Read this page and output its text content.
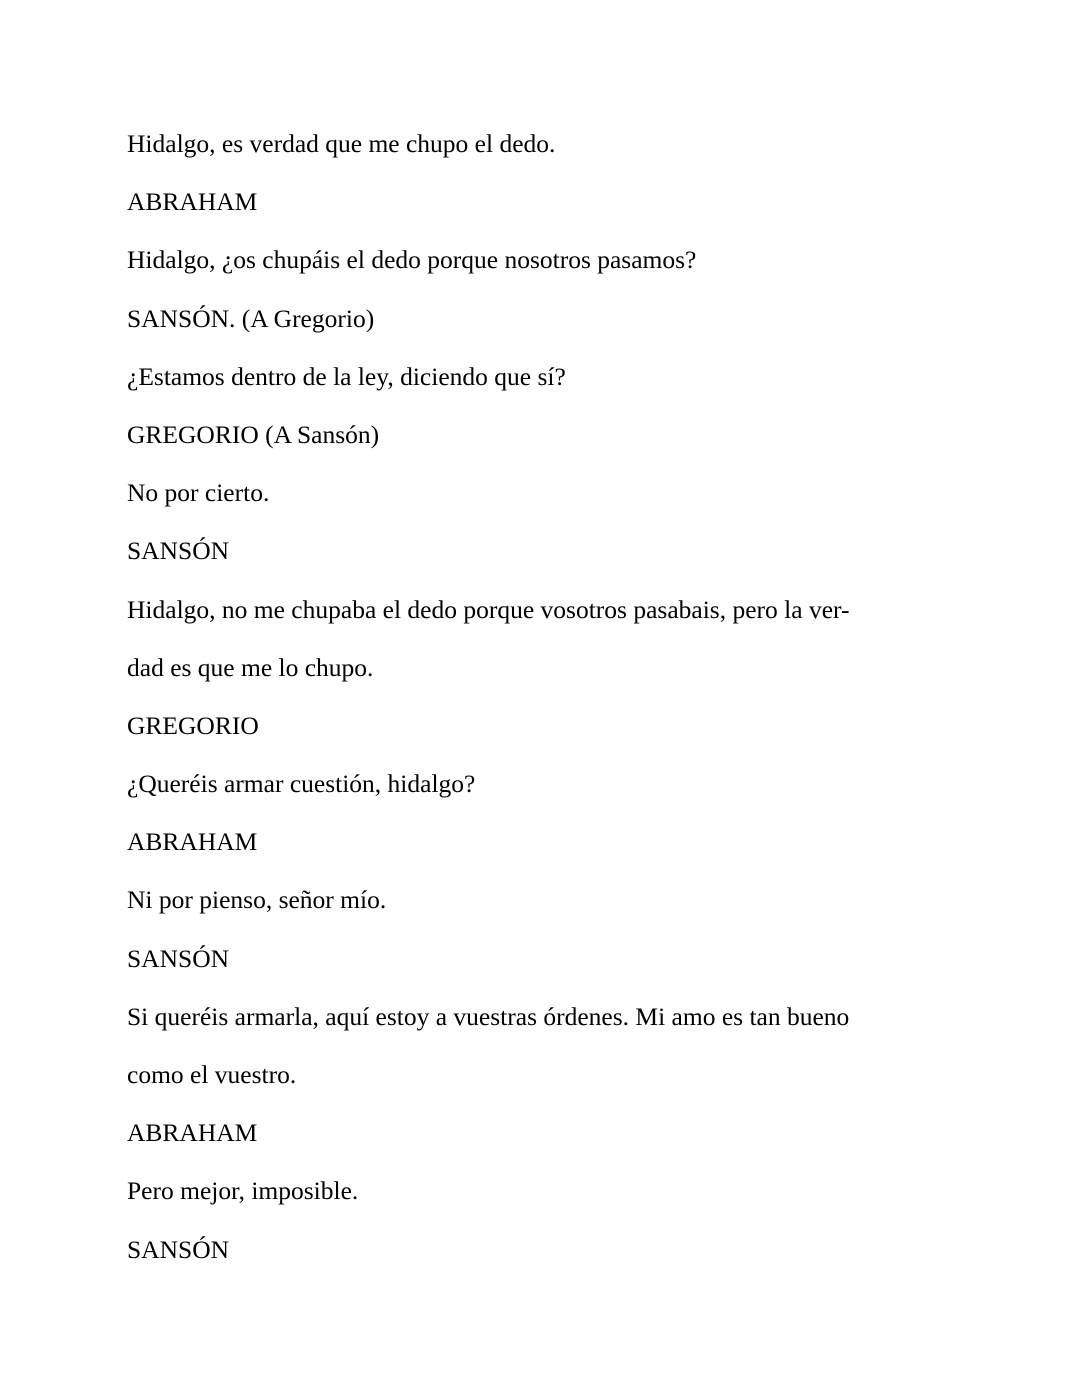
Hidalgo, es verdad que me chupo el dedo.
ABRAHAM
Hidalgo, ¿os chupáis el dedo porque nosotros pasamos?
SANSÓN. (A Gregorio)
¿Estamos dentro de la ley, diciendo que sí?
GREGORIO (A Sansón)
No por cierto.
SANSÓN
Hidalgo, no me chupaba el dedo porque vosotros pasabais, pero la ver-
dad es que me lo chupo.
GREGORIO
¿Queréis armar cuestión, hidalgo?
ABRAHAM
Ni por pienso, señor mío.
SANSÓN
Si queréis armarla, aquí estoy a vuestras órdenes. Mi amo es tan bueno
como el vuestro.
ABRAHAM
Pero mejor, imposible.
SANSÓN
